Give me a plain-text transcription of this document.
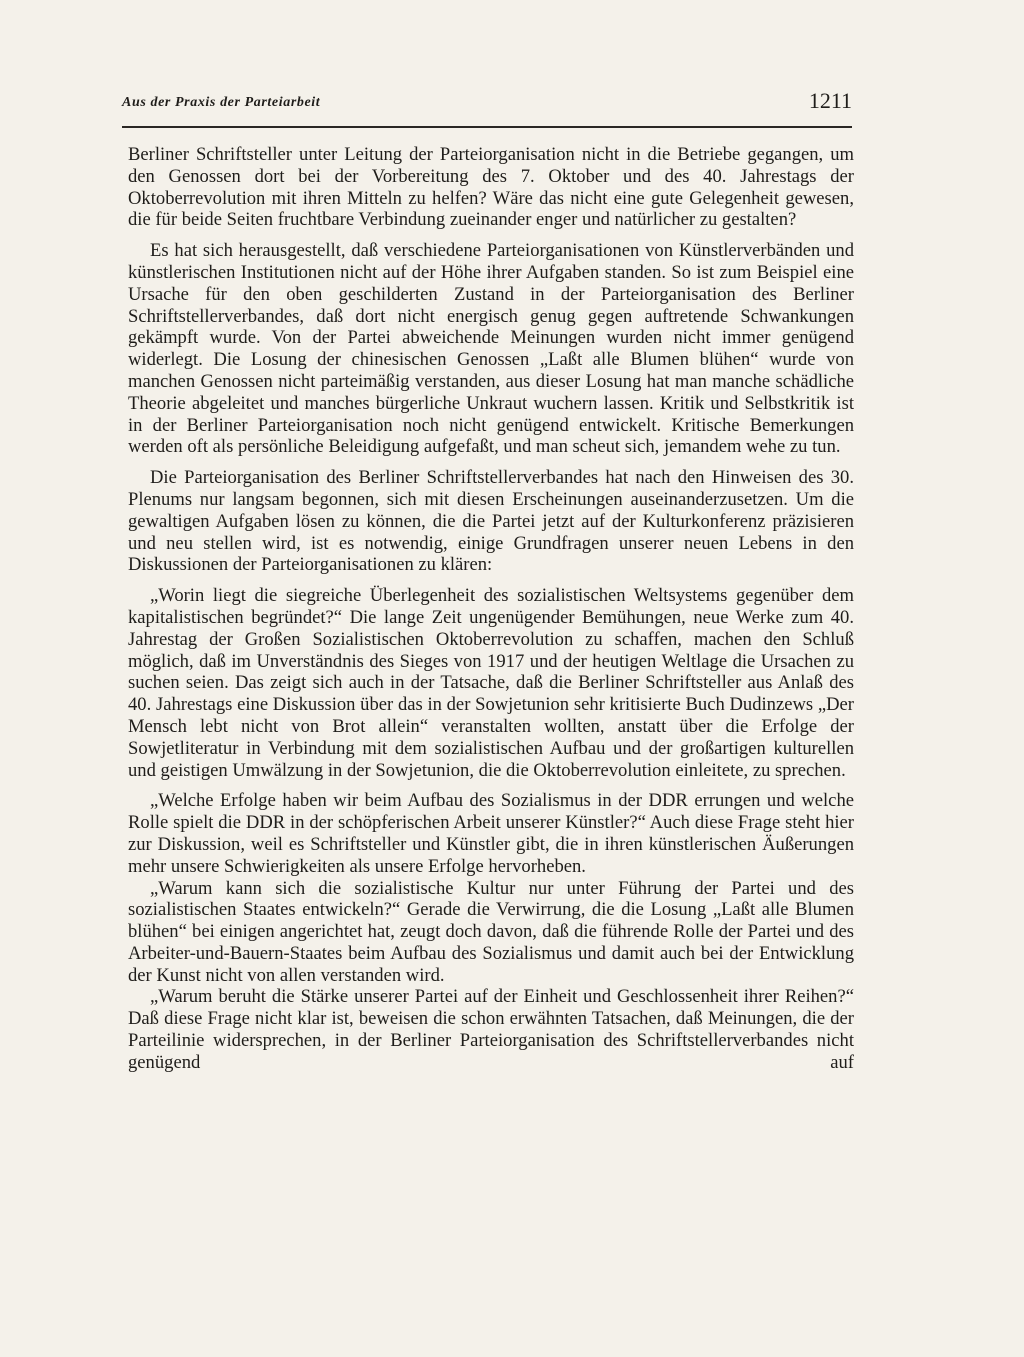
Aus der Praxis der Parteiarbeit	1211

Berliner Schriftsteller unter Leitung der Parteiorganisation nicht in die Betriebe gegangen, um den Genossen dort bei der Vorbereitung des 7. Oktober und des 40. Jahrestags der Oktoberrevolution mit ihren Mitteln zu helfen? Wäre das nicht eine gute Gelegenheit gewesen, die für beide Seiten fruchtbare Verbindung zueinander enger und natürlicher zu gestalten?

Es hat sich herausgestellt, daß verschiedene Parteiorganisationen von Künstlerverbänden und künstlerischen Institutionen nicht auf der Höhe ihrer Aufgaben standen. So ist zum Beispiel eine Ursache für den oben geschilderten Zustand in der Parteiorganisation des Berliner Schriftstellerverbandes, daß dort nicht energisch genug gegen auftretende Schwankungen gekämpft wurde. Von der Partei abweichende Meinungen wurden nicht immer genügend widerlegt. Die Losung der chinesischen Genossen „Laßt alle Blumen blühen“ wurde von manchen Genossen nicht parteimäßig verstanden, aus dieser Losung hat man manche schädliche Theorie abgeleitet und manches bürgerliche Unkraut wuchern lassen. Kritik und Selbstkritik ist in der Berliner Parteiorganisation noch nicht genügend entwickelt. Kritische Bemerkungen werden oft als persönliche Beleidigung aufgefaßt, und man scheut sich, jemandem wehe zu tun.

Die Parteiorganisation des Berliner Schriftstellerverbandes hat nach den Hinweisen des 30. Plenums nur langsam begonnen, sich mit diesen Erscheinungen auseinanderzusetzen. Um die gewaltigen Aufgaben lösen zu können, die die Partei jetzt auf der Kulturkonferenz präzisieren und neu stellen wird, ist es notwendig, einige Grundfragen unserer neuen Lebens in den Diskussionen der Parteiorganisationen zu klären:

„Worin liegt die siegreiche Überlegenheit des sozialistischen Weltsystems gegenüber dem kapitalistischen begründet?“ Die lange Zeit ungenügender Bemühungen, neue Werke zum 40. Jahrestag der Großen Sozialistischen Oktoberrevolution zu schaffen, machen den Schluß möglich, daß im Unverständnis des Sieges von 1917 und der heutigen Weltlage die Ursachen zu suchen seien. Das zeigt sich auch in der Tatsache, daß die Berliner Schriftsteller aus Anlaß des 40. Jahrestags eine Diskussion über das in der Sowjetunion sehr kritisierte Buch Dudinzews „Der Mensch lebt nicht von Brot allein“ veranstalten wollten, anstatt über die Erfolge der Sowjetliteratur in Verbindung mit dem sozialistischen Aufbau und der großartigen kulturellen und geistigen Umwälzung in der Sowjetunion, die die Oktoberrevolution einleitete, zu sprechen.

„Welche Erfolge haben wir beim Aufbau des Sozialismus in der DDR errungen und welche Rolle spielt die DDR in der schöpferischen Arbeit unserer Künstler?“ Auch diese Frage steht hier zur Diskussion, weil es Schriftsteller und Künstler gibt, die in ihren künstlerischen Äußerungen mehr unsere Schwierigkeiten als unsere Erfolge hervorheben.

„Warum kann sich die sozialistische Kultur nur unter Führung der Partei und des sozialistischen Staates entwickeln?“ Gerade die Verwirrung, die die Losung „Laßt alle Blumen blühen“ bei einigen angerichtet hat, zeugt doch davon, daß die führende Rolle der Partei und des Arbeiter-und-Bauern-Staates beim Aufbau des Sozialismus und damit auch bei der Entwicklung der Kunst nicht von allen verstanden wird.

„Warum beruht die Stärke unserer Partei auf der Einheit und Geschlossenheit ihrer Reihen?“ Daß diese Frage nicht klar ist, beweisen die schon erwähnten Tatsachen, daß Meinungen, die der Parteilinie widersprechen, in der Berliner Parteiorganisation des Schriftstellerverbandes nicht genügend auf
